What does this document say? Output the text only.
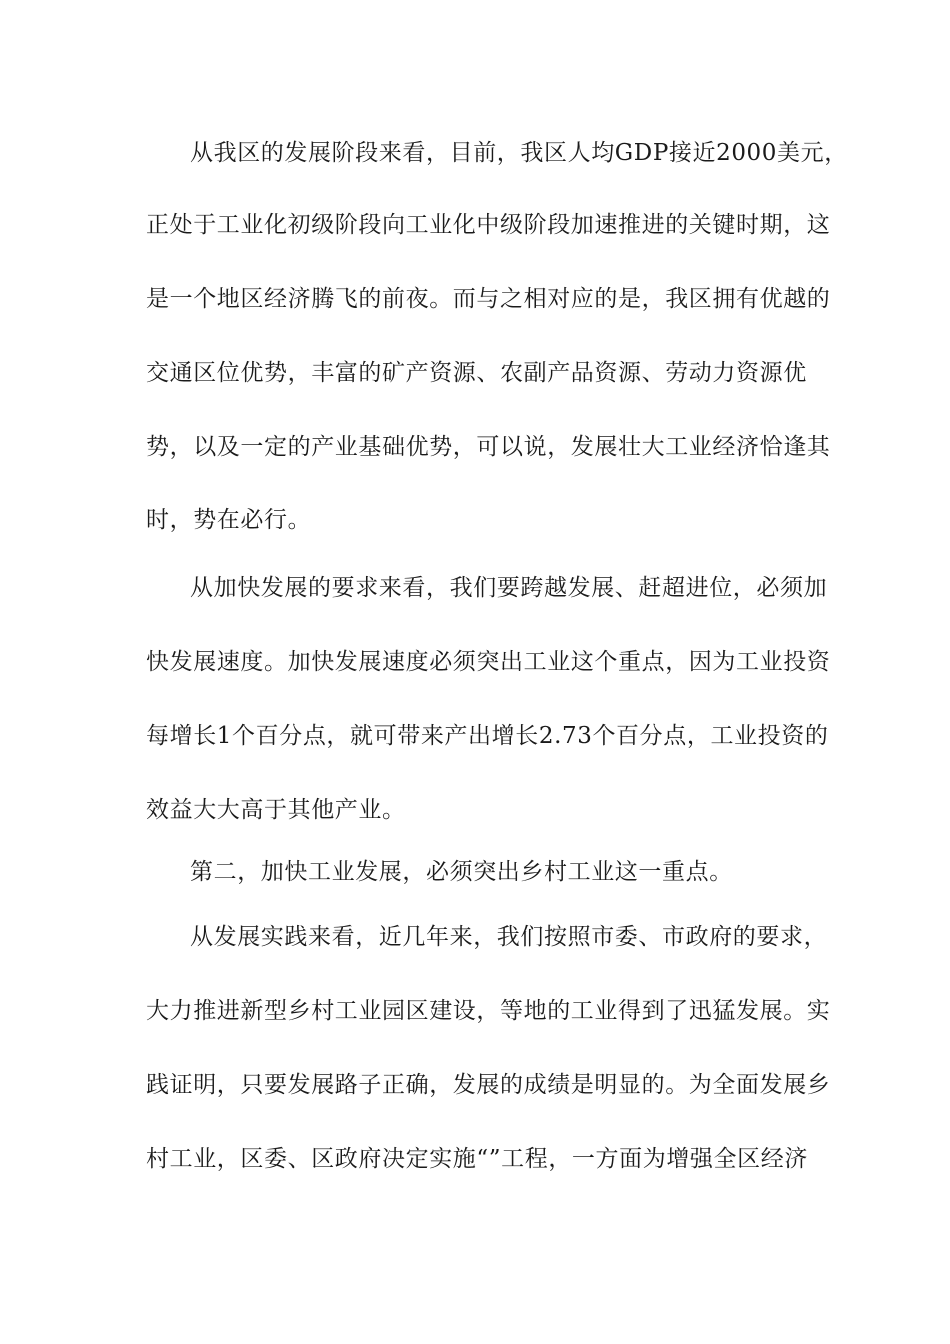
从我区的发展阶段来看，目前，我区人均GDP接近2000美元，
正处于工业化初级阶段向工业化中级阶段加速推进的关键时期，这
是一个地区经济腾飞的前夜。而与之相对应的是，我区拥有优越的
交通区位优势，丰富的矿产资源、农副产品资源、劳动力资源优
势，以及一定的产业基础优势，可以说，发展壮大工业经济恰逢其
时，势在必行。
从加快发展的要求来看，我们要跨越发展、赶超进位，必须加
快发展速度。加快发展速度必须突出工业这个重点，因为工业投资
每增长1个百分点，就可带来产出增长2.73个百分点，工业投资的
效益大大高于其他产业。
第二，加快工业发展，必须突出乡村工业这一重点。
从发展实践来看，近几年来，我们按照市委、市政府的要求，
大力推进新型乡村工业园区建设，等地的工业得到了迅猛发展。实
践证明，只要发展路子正确，发展的成绩是明显的。为全面发展乡
村工业，区委、区政府决定实施“”工程，一方面为增强全区经济
